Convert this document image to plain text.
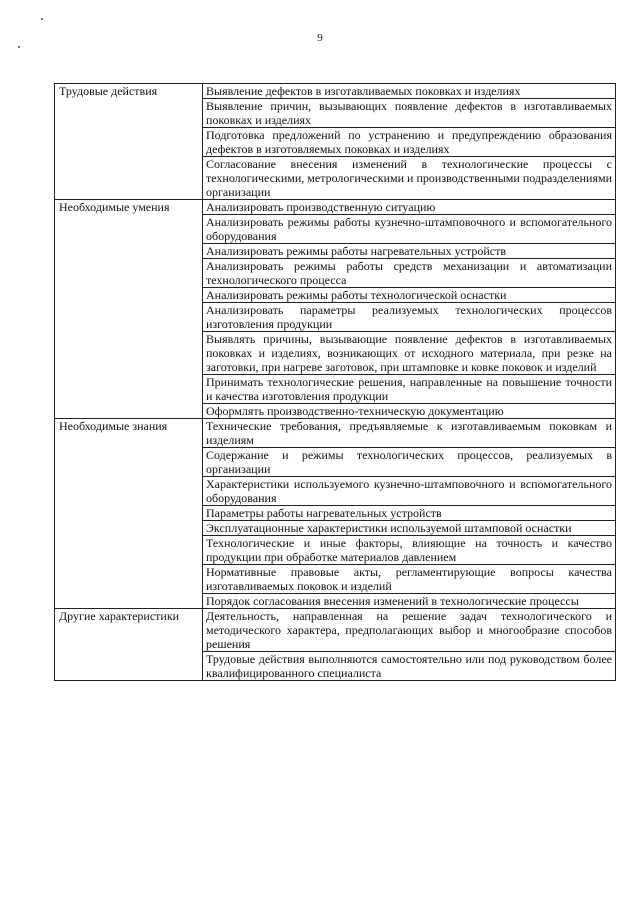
9
Трудовые действия	Выявление дефектов в изготавливаемых поковках и изделиях
	Выявление причин, вызывающих появление дефектов в изготавливаемых поковках и изделиях
	Подготовка предложений по устранению и предупреждению образования дефектов в изготовляемых поковках и изделиях
	Согласование внесения изменений в технологические процессы с технологическими, метрологическими и производственными подразделениями организации
Необходимые умения	Анализировать производственную ситуацию
	Анализировать режимы работы кузнечно-штамповочного и вспомогательного оборудования
	Анализировать режимы работы нагревательных устройств
	Анализировать режимы работы средств механизации и автоматизации технологического процесса
	Анализировать режимы работы технологической оснастки
	Анализировать параметры реализуемых технологических процессов изготовления продукции
	Выявлять причины, вызывающие появление дефектов в изготавливаемых поковках и изделиях, возникающих от исходного материала, при резке на заготовки, при нагреве заготовок, при штамповке и ковке поковок и изделий
	Принимать технологические решения, направленные на повышение точности и качества изготовления продукции
	Оформлять производственно-техническую документацию
Необходимые знания	Технические требования, предъявляемые к изготавливаемым поковкам и изделиям
	Содержание и режимы технологических процессов, реализуемых в организации
	Характеристики используемого кузнечно-штамповочного и вспомогательного оборудования
	Параметры работы нагревательных устройств
	Эксплуатационные характеристики используемой штамповой оснастки
	Технологические и иные факторы, влияющие на точность и качество продукции при обработке материалов давлением
	Нормативные правовые акты, регламентирующие вопросы качества изготавливаемых поковок и изделий
	Порядок согласования внесения изменений в технологические процессы
Другие характеристики	Деятельность, направленная на решение задач технологического и методического характера, предполагающих выбор и многообразие способов решения
	Трудовые действия выполняются самостоятельно или под руководством более квалифицированного специалиста
